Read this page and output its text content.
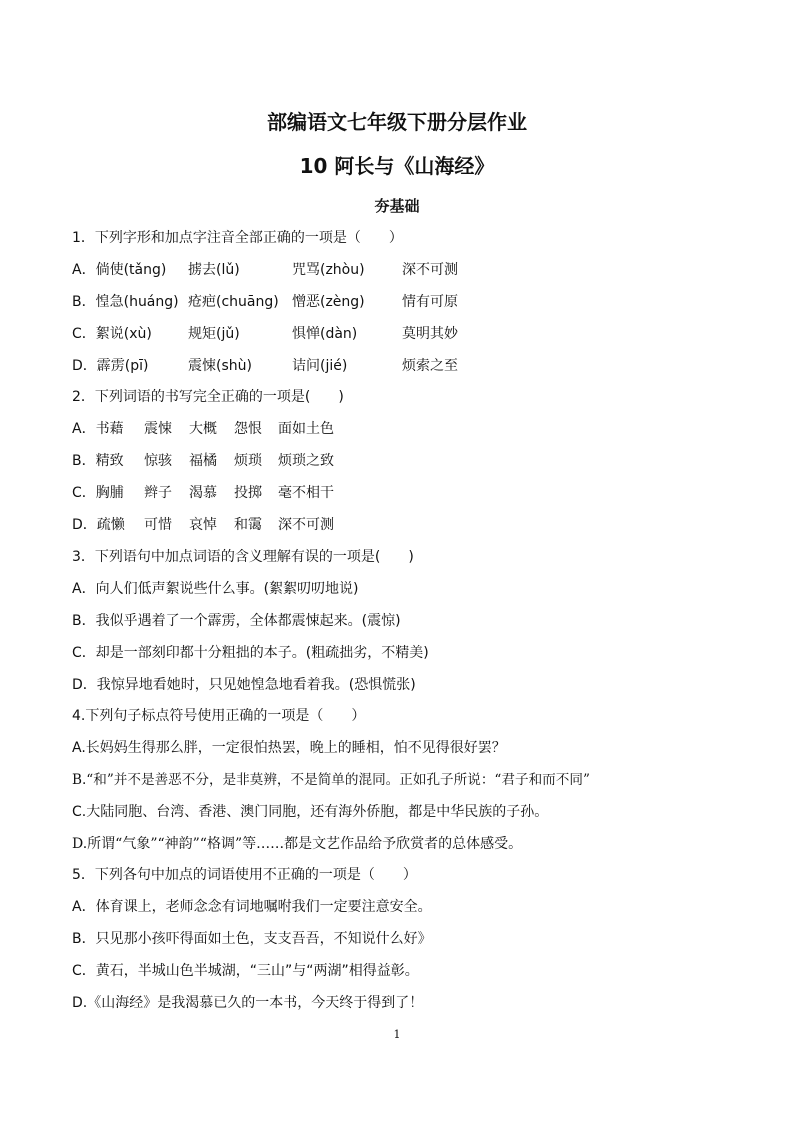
部编语文七年级下册分层作业
10 阿长与《山海经》
夯基础
1．下列字形和加点字注音全部正确的一项是（　　）
A．倘使(tǎng) 掳去(lǔ)	咒骂(zhòu)	深不可测
B．惶急(huáng) 疮疤(chuāng) 憎恶(zèng)	情有可原
C．絮说(xù)	规矩(jǔ)	惧惮(dàn)	莫明其妙
D．霹雳(pī)	震悚(shù)	诘问(jié)	烦索之至
2．下列词语的书写完全正确的一项是(　　)
A．书藉 震悚 大概 怨恨 面如土色
B．精致 惊骇 福橘 烦琐 烦琐之致
C．胸脯 辫子 渴慕 投掷 毫不相干
D．疏懒 可惜 哀悼 和霭 深不可测
3．下列语句中加点词语的含义理解有误的一项是(　　)
A．向人们低声絮说些什么事。(絮絮叨叨地说)
B．我似乎遇着了一个霹雳，全体都震悚起来。(震惊)
C．却是一部刻印都十分粗拙的本子。(粗疏拙劣，不精美)
D．我惊异地看她时，只见她惶急地看着我。(恐惧慌张)
4.下列句子标点符号使用正确的一项是（　　）
A.长妈妈生得那么胖，一定很怕热罢，晚上的睡相，怕不见得很好罢？
B.“和”并不是善恶不分，是非莫辨，不是简单的混同。正如孔子所说：“君子和而不同”
C.大陆同胞、台湾、香港、澳门同胞，还有海外侨胞，都是中华民族的子孙。
D.所谓“气象”“神韵”“格调”等……都是文艺作品给予欣赏者的总体感受。
5．下列各句中加点的词语使用不正确的一项是（　　）
A．体育课上，老师念念有词地嘱咐我们一定要注意安全。
B．只见那小孩吓得面如土色，支支吾吾，不知说什么好》
C．黄石，半城山色半城湖，“三山”与“两湖”相得益彰。
D.《山海经》是我渴慕已久的一本书，今天终于得到了！
1
